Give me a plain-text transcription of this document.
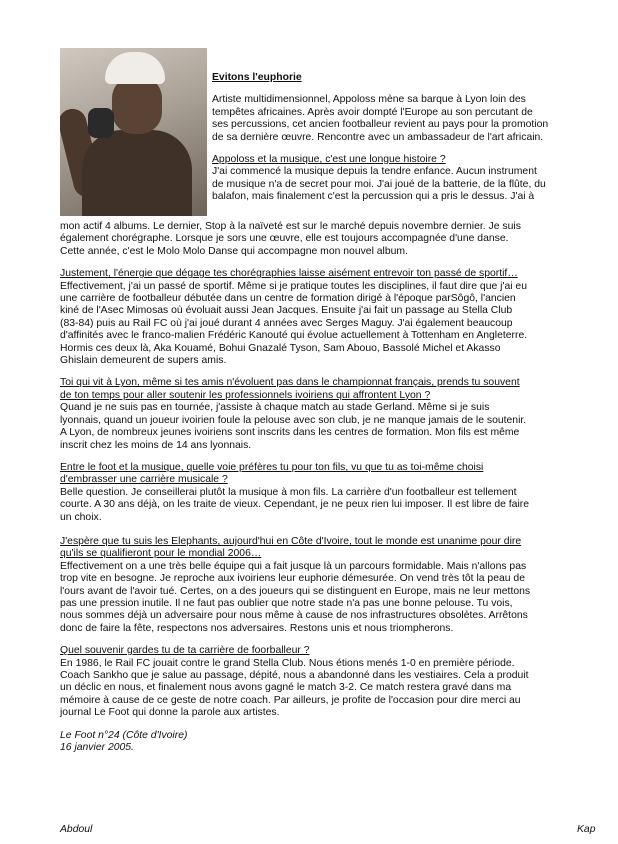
Evitons l'euphorie

Artiste multidimensionnel, Appoloss mène sa barque à Lyon loin des

tempêtes africaines. Après avoir dompté l'Europe au son percutant de

ses percussions, cet ancien footballeur revient au pays pour la promotion

de sa dernière œuvre. Rencontre avec un ambassadeur de l'art africain.

Appoloss et la musique, c'est une longue histoire ?

J'ai commencé la musique depuis la tendre enfance. Aucun instrument

de musique n'a de secret pour moi. J'ai joué de la batterie, de la flûte, du

balafon, mais finalement c'est la percussion qui a pris le dessus. J'ai à

mon actif 4 albums. Le dernier, Stop à la naïveté est sur le marché depuis novembre dernier. Je suis

également chorégraphe. Lorsque je sors une œuvre, elle est toujours accompagnée d'une danse.

Cette année, c'est le Molo Molo Danse qui accompagne mon nouvel album.

Justement, l'énergie que dégage tes chorégraphies laisse aisément entrevoir ton passé de sportif…

Effectivement, j'ai un passé de sportif. Même si je pratique toutes les disciplines, il faut dire que j'ai eu

une carrière de footballeur débutée dans un centre de formation dirigé à l'époque parSôgô, l'ancien

kiné de l'Asec Mimosas où évoluait aussi Jean Jacques. Ensuite j'ai fait un passage au Stella Club

(83-84) puis au Rail FC où j'ai joué durant 4 années avec Serges Maguy. J'ai également beaucoup

d'affinités avec le franco-malien Frédéric Kanouté qui évolue actuellement à Tottenham en Angleterre.

Hormis ces deux là, Aka Kouamé, Bohui Gnazalé Tyson, Sam Abouo, Bassolé Michel et Akasso

Ghislain demeurent de supers amis.

Toi qui vit à Lyon, même si tes amis n'évoluent pas dans le championnat français, prends tu souvent

de ton temps pour aller soutenir les professionnels ivoiriens qui affrontent Lyon ?

Quand je ne suis pas en tournée, j'assiste à chaque match au stade Gerland. Même si je suis

lyonnais, quand un joueur ivoirien foule la pelouse avec son club, je ne manque jamais de le soutenir.

A Lyon, de nombreux jeunes ivoiriens sont inscrits dans les centres de formation. Mon fils est même

inscrit chez les moins de 14 ans lyonnais.

Entre le foot et la musique, quelle voie préfères tu pour ton fils, vu que tu as toi-même choisi

d'embrasser une carrière musicale ?

Belle question. Je conseillerai plutôt la musique à mon fils. La carrière d'un footballeur est tellement

courte. A 30 ans déjà, on les traite de vieux. Cependant, je ne peux rien lui imposer. Il est libre de faire

un choix.

J'espère que tu suis les Elephants, aujourd'hui en Côte d'Ivoire, tout le monde est unanime pour dire

qu'ils se qualifieront pour le mondial 2006…

Effectivement on a une très belle équipe qui a fait jusque là un parcours formidable. Mais n'allons pas

trop vite en besogne. Je reproche aux ivoiriens leur euphorie démesurée. On vend très tôt la peau de

l'ours avant de l'avoir tué. Certes, on a des joueurs qui se distinguent en Europe, mais ne leur mettons

pas une pression inutile. Il ne faut pas oublier que notre stade n'a pas une bonne pelouse. Tu vois,

nous sommes déjà un adversaire pour nous même à cause de nos infrastructures obsolètes. Arrêtons

donc de faire la fête, respectons nos adversaires. Restons unis et nous triompherons.

Quel souvenir gardes tu de ta carrière de foorballeur ?

En 1986, le Rail FC jouait contre le grand Stella Club. Nous étions menés 1-0 en première période.

Coach Sankho que je salue au passage, dépité, nous a abandonné dans les vestiaires. Cela a produit

un déclic en nous, et finalement nous avons gagné le match 3-2. Ce match restera gravé dans ma

mémoire à cause de ce geste de notre coach. Par ailleurs, je profite de l'occasion pour dire merci au

journal Le Foot qui donne la parole aux artistes.

Le Foot n°24 (Côte d'Ivoire)

16 janvier 2005.

Abdoul	Kap
